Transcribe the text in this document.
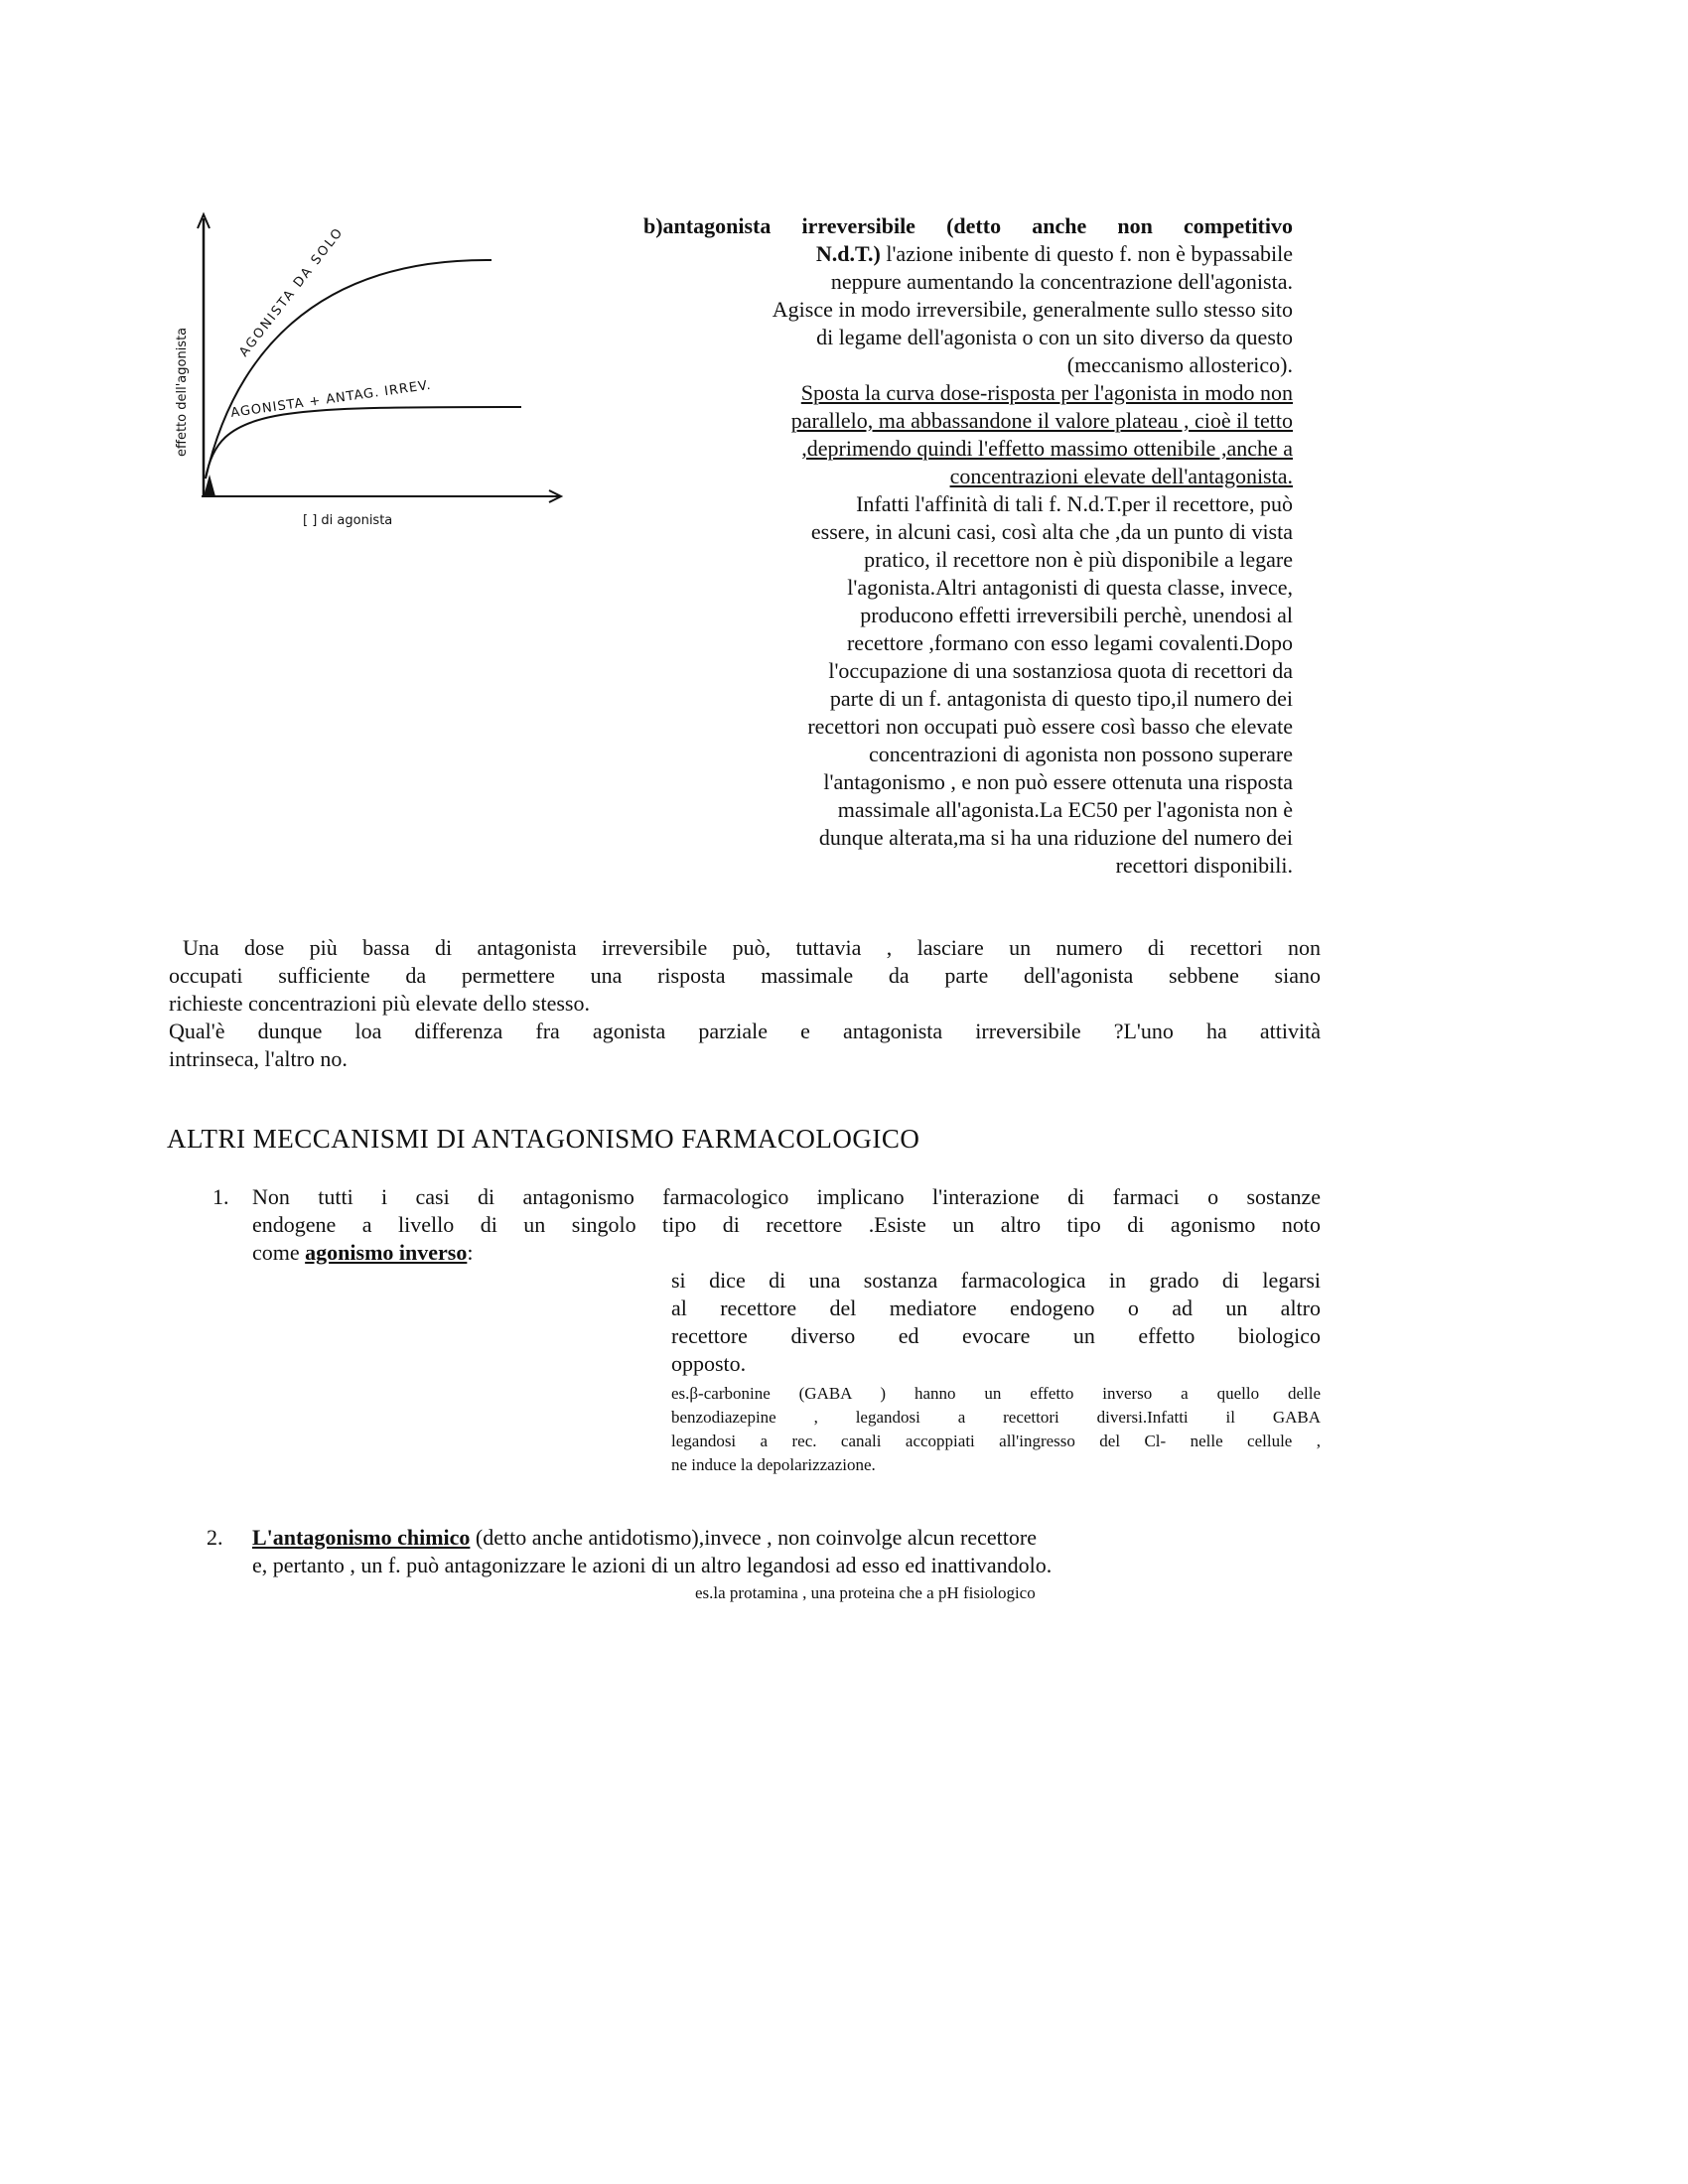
effetto dell'agonista
[ ] di agonista
AGONISTA DA SOLO
AGONISTA + ANTAG. IRREV.
b)antagonista irreversibile (detto anche non competitivo
N.d.T.) l'azione inibente di questo f. non è bypassabile
neppure aumentando la concentrazione dell'agonista.
Agisce in modo irreversibile, generalmente sullo stesso sito
di legame dell'agonista o con un sito diverso da questo
(meccanismo allosterico).
Sposta la curva dose-risposta per l'agonista in modo non
parallelo, ma abbassandone il valore plateau , cioè il tetto
,deprimendo quindi l'effetto massimo ottenibile ,anche a
concentrazioni elevate dell'antagonista.
Infatti l'affinità di tali f. N.d.T.per il recettore, può
essere, in alcuni casi, così alta che ,da un punto di vista
pratico, il recettore non è più disponibile a legare
l'agonista.Altri antagonisti di questa classe, invece,
producono effetti irreversibili perchè, unendosi al
recettore ,formano con esso legami covalenti.Dopo
l'occupazione di una sostanziosa quota di recettori da
parte di un f. antagonista di questo tipo,il numero dei
recettori non occupati può essere così basso che elevate
concentrazioni di agonista non possono superare
l'antagonismo , e non può essere ottenuta una risposta
massimale all'agonista.La EC50 per l'agonista non è
dunque alterata,ma si ha una riduzione del numero dei
recettori disponibili.
Una dose più bassa di antagonista irreversibile può, tuttavia , lasciare un numero di recettori non
occupati sufficiente da permettere una risposta massimale da parte dell'agonista sebbene siano
richieste concentrazioni più elevate dello stesso.
Qual'è dunque loa differenza fra agonista parziale e antagonista irreversibile ?L'uno ha attività
intrinseca, l'altro no.
ALTRI MECCANISMI DI ANTAGONISMO FARMACOLOGICO
1. Non tutti i casi di antagonismo farmacologico implicano l'interazione di farmaci o sostanze
endogene a livello di un singolo tipo di recettore .Esiste un altro tipo di agonismo noto
come agonismo inverso:
si dice di una sostanza farmacologica in grado di legarsi
al recettore del mediatore endogeno o ad un altro
recettore diverso ed evocare un effetto biologico
opposto.
es.β-carbonine (GABA ) hanno un effetto inverso a quello delle
benzodiazepine , legandosi a recettori diversi.Infatti il GABA
legandosi a rec. canali accoppiati all'ingresso del Cl- nelle cellule ,
ne induce la depolarizzazione.
2. L'antagonismo chimico (detto anche antidotismo),invece , non coinvolge alcun recettore
e, pertanto , un f. può antagonizzare le azioni di un altro legandosi ad esso ed inattivandolo.
es.la protamina , una proteina che a pH fisiologico
